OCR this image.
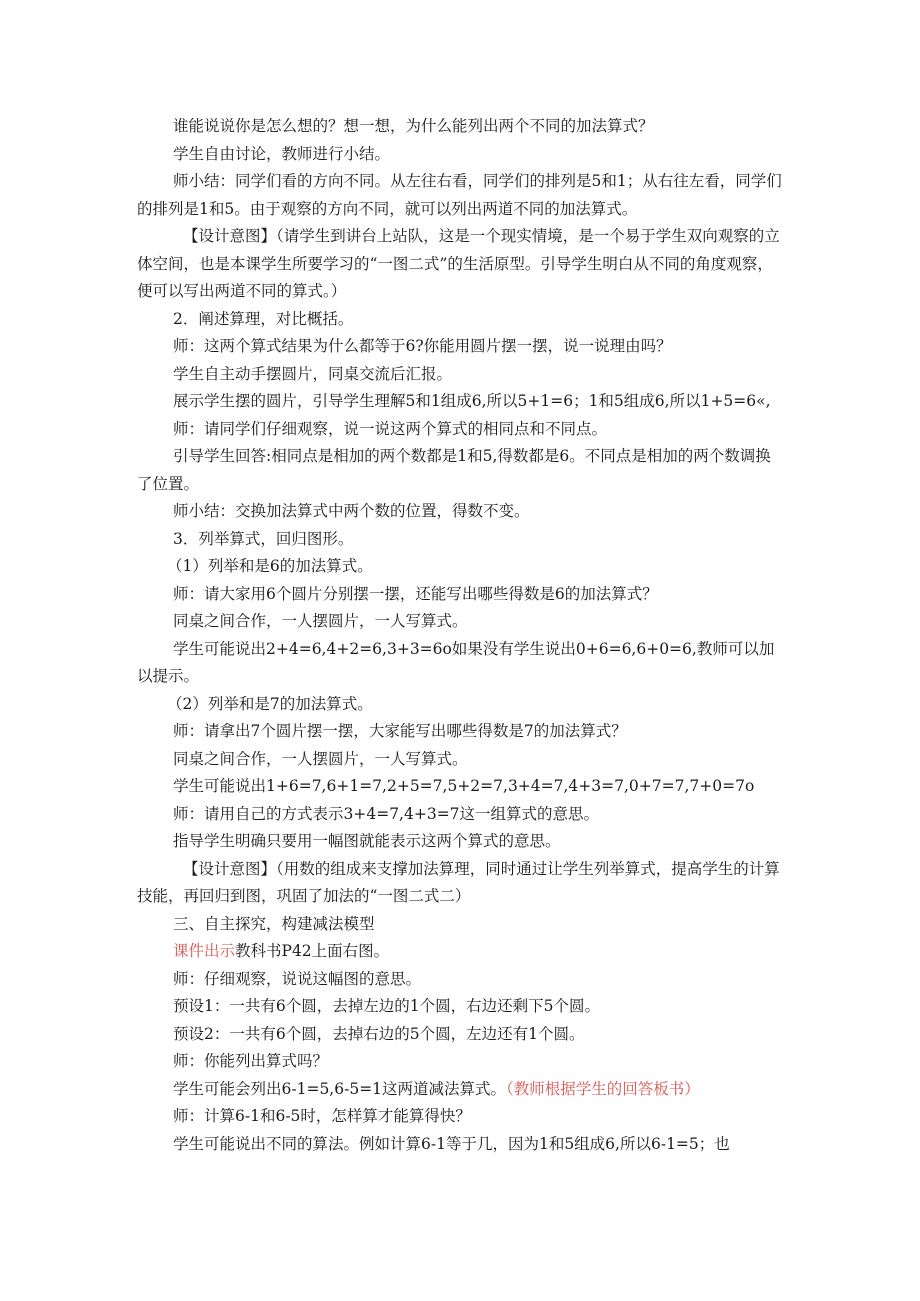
谁能说说你是怎么想的？想一想，为什么能列出两个不同的加法算式？

学生自由讨论，教师进行小结。

师小结：同学们看的方向不同。从左往右看，同学们的排列是5和1；从右往左看，同学们的排列是1和5。由于观察的方向不同，就可以列出两道不同的加法算式。

【设计意图】（请学生到讲台上站队，这是一个现实情境，是一个易于学生双向观察的立体空间，也是本课学生所要学习的“一图二式”的生活原型。引导学生明白从不同的角度观察，便可以写出两道不同的算式。）

2．阐述算理，对比概括。

师：这两个算式结果为什么都等于6?你能用圆片摆一摆，说一说理由吗？

学生自主动手摆圆片，同桌交流后汇报。

展示学生摆的圆片，引导学生理解5和1组成6,所以5+1=6；1和5组成6,所以1+5=6«,

师：请同学们仔细观察，说一说这两个算式的相同点和不同点。

引导学生回答:相同点是相加的两个数都是1和5,得数都是6。不同点是相加的两个数调换了位置。

师小结：交换加法算式中两个数的位置，得数不变。

3．列举算式，回归图形。

（1）列举和是6的加法算式。

师：请大家用6个圆片分别摆一摆，还能写出哪些得数是6的加法算式？

同桌之间合作，一人摆圆片，一人写算式。

学生可能说出2+4=6,4+2=6,3+3=6o如果没有学生说出0+6=6,6+0=6,教师可以加以提示。

（2）列举和是7的加法算式。

师：请拿出7个圆片摆一摆，大家能写出哪些得数是7的加法算式？

同桌之间合作，一人摆圆片，一人写算式。

学生可能说出1+6=7,6+1=7,2+5=7,5+2=7,3+4=7,4+3=7,0+7=7,7+0=7o

师：请用自己的方式表示3+4=7,4+3=7这一组算式的意思。

指导学生明确只要用一幅图就能表示这两个算式的意思。

【设计意图】（用数的组成来支撑加法算理，同时通过让学生列举算式，提高学生的计算技能，再回归到图，巩固了加法的“一图二式二）

三、自主探究，构建减法模型

课件出示教科书P42上面右图。

师：仔细观察，说说这幅图的意思。

预设1：一共有6个圆，去掉左边的1个圆，右边还剩下5个圆。

预设2：一共有6个圆，去掉右边的5个圆，左边还有1个圆。

师：你能列出算式吗？

学生可能会列出6-1=5,6-5=1这两道减法算式。（教师根据学生的回答板书）

师：计算6-1和6-5时，怎样算才能算得快？

学生可能说出不同的算法。例如计算6-1等于几，因为1和5组成6,所以6-1=5；也
